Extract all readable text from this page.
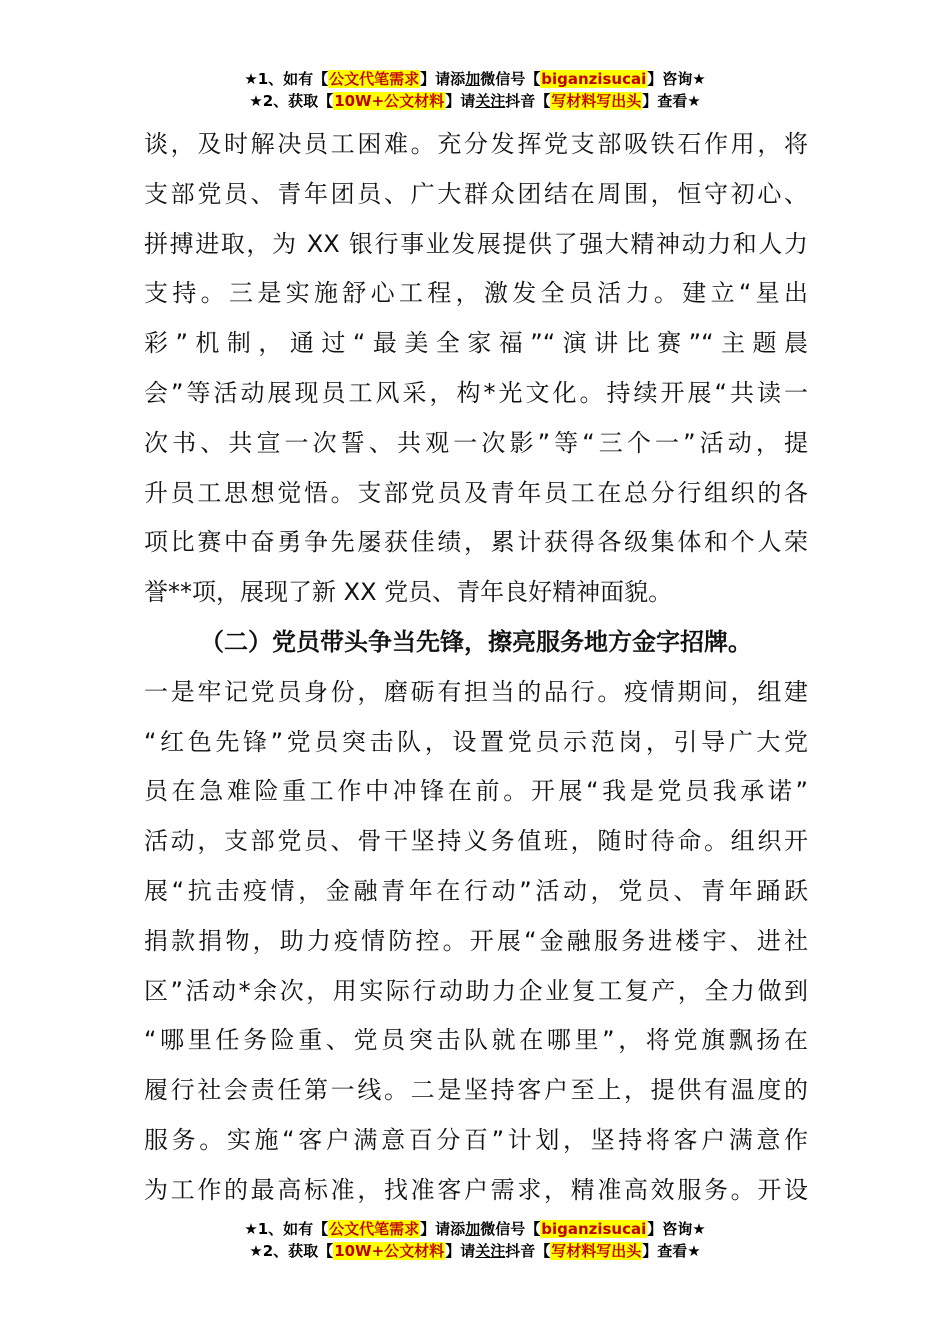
★1、如有【公文代笔需求】请添加微信号【biganzisucai】咨询★
★2、获取【10W+公文材料】请关注抖音【写材料写出头】查看★
谈，及时解决员工困难。充分发挥党支部吸铁石作用，将
支部党员、青年团员、广大群众团结在周围，恒守初心、
拼搏进取，为 XX 银行事业发展提供了强大精神动力和人力
支持。三是实施舒心工程，激发全员活力。建立“星出
彩”机制，通过“最美全家福”“演讲比赛”“主题晨
会”等活动展现员工风采，构*光文化。持续开展“共读一
次书、共宣一次誓、共观一次影”等“三个一”活动，提
升员工思想觉悟。支部党员及青年员工在总分行组织的各
项比赛中奋勇争先屡获佳绩，累计获得各级集体和个人荣
誉**项，展现了新 XX 党员、青年良好精神面貌。
（二）党员带头争当先锋，擦亮服务地方金字招牌。
一是牢记党员身份，磨砺有担当的品行。疫情期间，组建
“红色先锋”党员突击队，设置党员示范岗，引导广大党
员在急难险重工作中冲锋在前。开展“我是党员我承诺”
活动，支部党员、骨干坚持义务值班，随时待命。组织开
展“抗击疫情，金融青年在行动”活动，党员、青年踊跃
捐款捐物，助力疫情防控。开展“金融服务进楼宇、进社
区”活动*余次，用实际行动助力企业复工复产，全力做到
“哪里任务险重、党员突击队就在哪里”，将党旗飘扬在
履行社会责任第一线。二是坚持客户至上，提供有温度的
服务。实施“客户满意百分百”计划，坚持将客户满意作
为工作的最高标准，找准客户需求，精准高效服务。开设
★1、如有【公文代笔需求】请添加微信号【biganzisucai】咨询★
★2、获取【10W+公文材料】请关注抖音【写材料写出头】查看★
